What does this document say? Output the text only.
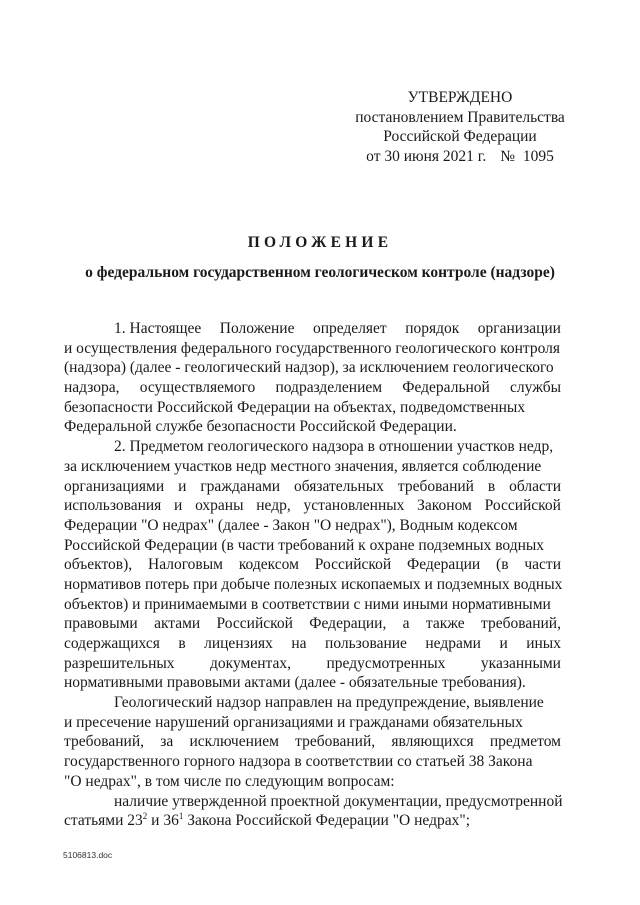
УТВЕРЖДЕНО
постановлением Правительства
Российской Федерации
от 30 июня 2021 г. № 1095
ПОЛОЖЕНИЕ
о федеральном государственном геологическом контроле (надзоре)
1. Настоящее Положение определяет порядок организации
и осуществления федерального государственного геологического контроля
(надзора) (далее - геологический надзор), за исключением геологического
надзора, осуществляемого подразделением Федеральной службы
безопасности Российской Федерации на объектах, подведомственных
Федеральной службе безопасности Российской Федерации.
2. Предметом геологического надзора в отношении участков недр,
за исключением участков недр местного значения, является соблюдение
организациями и гражданами обязательных требований в области
использования и охраны недр, установленных Законом Российской
Федерации "О недрах" (далее - Закон "О недрах"), Водным кодексом
Российской Федерации (в части требований к охране подземных водных
объектов), Налоговым кодексом Российской Федерации (в части
нормативов потерь при добыче полезных ископаемых и подземных водных
объектов) и принимаемыми в соответствии с ними иными нормативными
правовыми актами Российской Федерации, а также требований,
содержащихся в лицензиях на пользование недрами и иных
разрешительных документах, предусмотренных указанными
нормативными правовыми актами (далее - обязательные требования).
Геологический надзор направлен на предупреждение, выявление
и пресечение нарушений организациями и гражданами обязательных
требований, за исключением требований, являющихся предметом
государственного горного надзора в соответствии со статьей 38 Закона
"О недрах", в том числе по следующим вопросам:
наличие утвержденной проектной документации, предусмотренной
статьями $23^2$ и $36^1$ Закона Российской Федерации "О недрах";
5106813.doc
